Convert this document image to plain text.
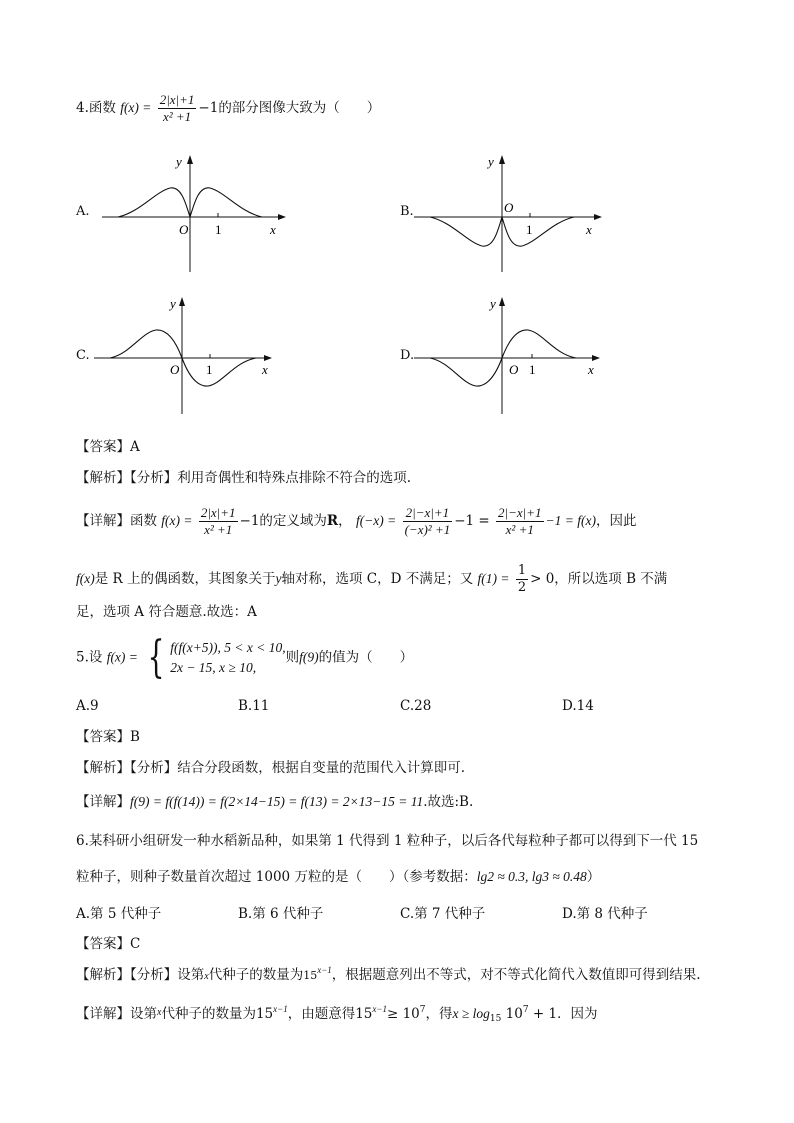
4.函数 $f(x) = \frac{2|x|+1}{\text{x² +1}} -1$的部分图像大致为（　　）
A.
O 1	x
y
B.	O
1	x
y
C.
O 1	x
y
D.
O 1	x
y
【答案】A
【解析】【分析】利用奇偶性和特殊点排除不符合的选项.
【详解】函数 $f(x) = \frac{2|x|+1}{\text{x² +1}} -1$的定义域为R， $f(-x) = \frac{2|-x|+1}{\text{(−x)² +1}} -1 = \frac{2|-x|+1}{\text{x² +1}} -1 = f(x)$，因此
f(x)是 R 上的偶函数，其图象关于y轴对称，选项 C，D 不满足；又 $f(1) = \frac{1}{2} > 0$，所以选项 B 不满
足，选项 A 符合题意.故选：A
5.设 f(x) = { f(f(x+5)), 5 < x < 10,
2x − 15, x ≥ 10,
则f(9)的值为（　　）
A.9	B.11	C.28	D.14
【答案】B
【解析】【分析】结合分段函数，根据自变量的范围代入计算即可.
【详解】f(9) = f(f(14)) = f(2×14−15) = f(13) = 2×13−15 = 11.故选:B.
6.某科研小组研发一种水稻新品种，如果第 1 代得到 1 粒种子，以后各代每粒种子都可以得到下一代 15
粒种子，则种子数量首次超过 1000 万粒的是（　　）（参考数据：lg2 ≈ 0.3, lg3 ≈ 0.48）
A.第 5 代种子	B.第 6 代种子	C.第 7 代种子	D.第 8 代种子
【答案】C
【解析】【分析】设第x代种子的数量为$15^{x-1}$，根据题意列出不等式，对不等式化简代入数值即可得到结果.
【详解】设第$^x$代种子的数量为$15^{x-1}$，由题意得$15^{x-1}\ge 10^7$，得$x \ge \log_{15} 10^7 + 1$．因为
